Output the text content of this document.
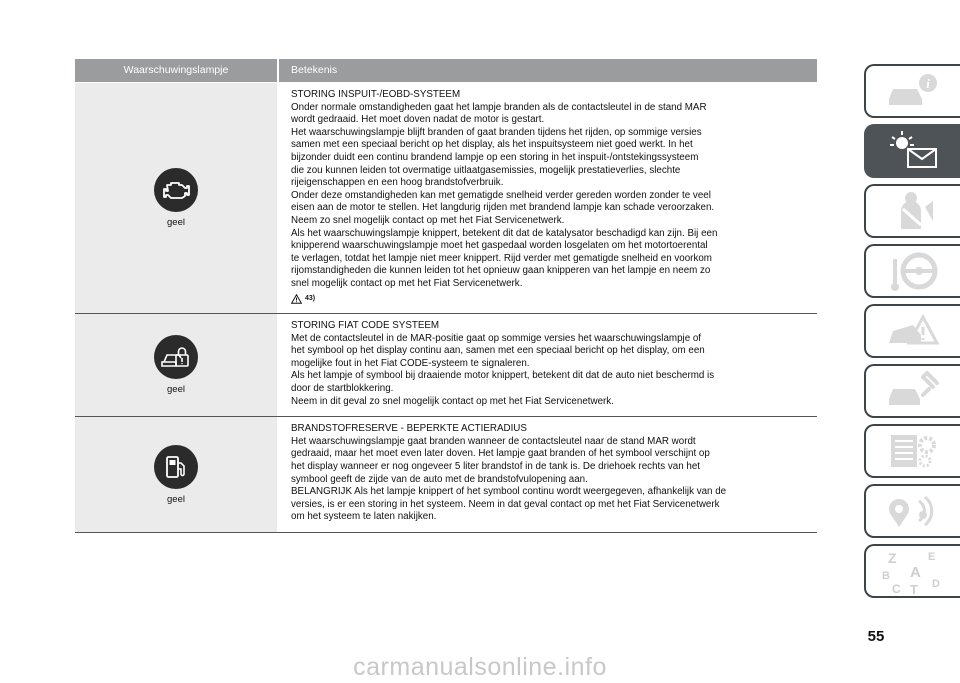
Waarschuwingslampje	Betekenis
geel

STORING INSPUIT-/EOBD-SYSTEEM

Onder normale omstandigheden gaat het lampje branden als de contactsleutel in de stand MAR

wordt gedraaid. Het moet doven nadat de motor is gestart.

Het waarschuwingslampje blijft branden of gaat branden tijdens het rijden, op sommige versies

samen met een speciaal bericht op het display, als het inspuitsysteem niet goed werkt. In het

bijzonder duidt een continu brandend lampje op een storing in het inspuit-/ontstekingssysteem

die zou kunnen leiden tot overmatige uitlaatgasemissies, mogelijk prestatieverlies, slechte

rijeigenschappen en een hoog brandstofverbruik.

Onder deze omstandigheden kan met gematigde snelheid verder gereden worden zonder te veel

eisen aan de motor te stellen. Het langdurig rijden met brandend lampje kan schade veroorzaken.

Neem zo snel mogelijk contact op met het Fiat Servicenetwerk.

Als het waarschuwingslampje knippert, betekent dit dat de katalysator beschadigd kan zijn. Bij een

knipperend waarschuwingslampje moet het gaspedaal worden losgelaten om het motortoerental

te verlagen, totdat het lampje niet meer knippert. Rijd verder met gematigde snelheid en voorkom

rijomstandigheden die kunnen leiden tot het opnieuw gaan knipperen van het lampje en neem zo

snel mogelijk contact op met het Fiat Servicenetwerk.

43)
geel

STORING FIAT CODE SYSTEEM

Met de contactsleutel in de MAR-positie gaat op sommige versies het waarschuwingslampje of

het symbool op het display continu aan, samen met een speciaal bericht op het display, om een

mogelijke fout in het Fiat CODE-systeem te signaleren.

Als het lampje of symbool bij draaiende motor knippert, betekent dit dat de auto niet beschermd is

door de startblokkering.

Neem in dit geval zo snel mogelijk contact op met het Fiat Servicenetwerk.

geel

BRANDSTOFRESERVE - BEPERKTE ACTIERADIUS

Het waarschuwingslampje gaat branden wanneer de contactsleutel naar de stand MAR wordt

gedraaid, maar het moet even later doven. Het lampje gaat branden of het symbool verschijnt op

het display wanneer er nog ongeveer 5 liter brandstof in de tank is. De driehoek rechts van het

symbool geeft de zijde van de auto met de brandstofvulopening aan.

BELANGRIJK Als het lampje knippert of het symbool continu wordt weergegeven, afhankelijk van de

versies, is er een storing in het systeem. Neem in dat geval contact op met het Fiat Servicenetwerk

om het systeem te laten nakijken.

i
Z	E
B A
C T D
55
carmanualsonline.info
